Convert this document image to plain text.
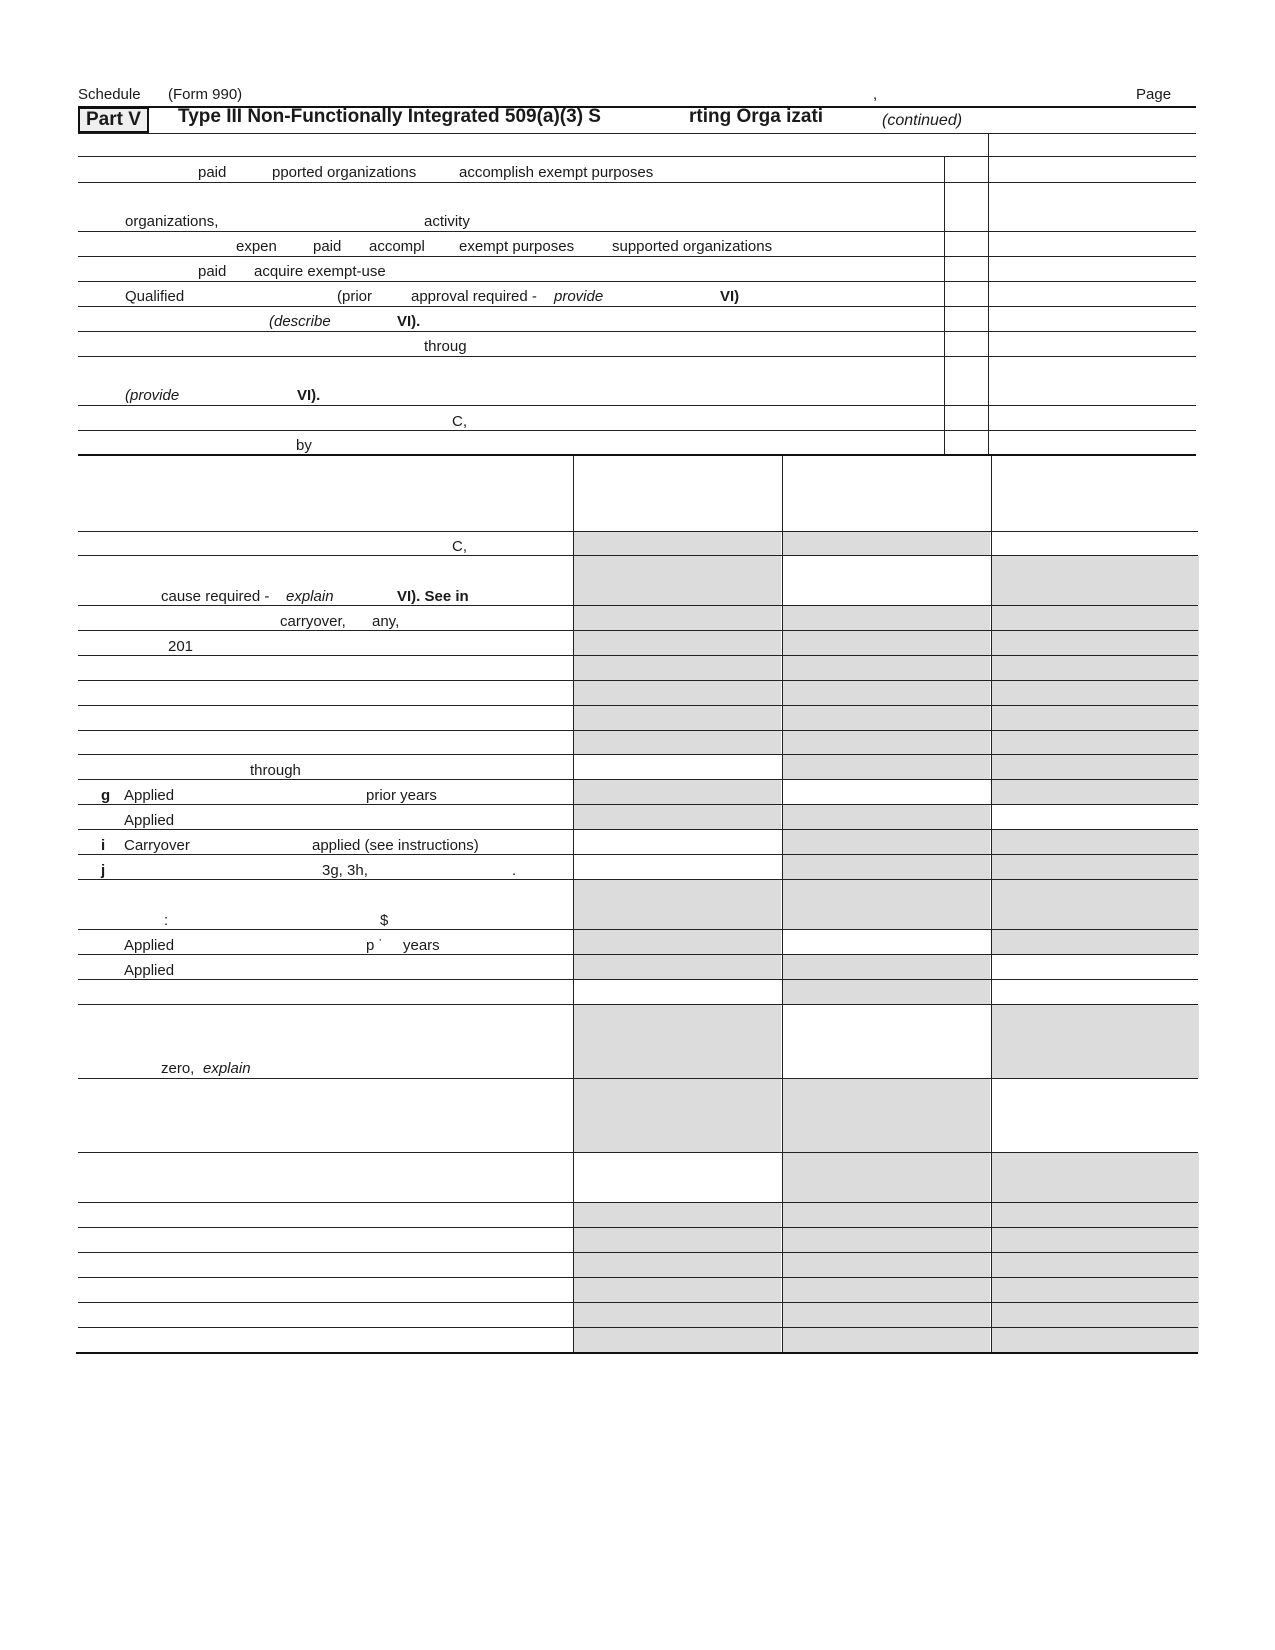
Schedule (Form 990)	,	Page
Part V	Type III Non-Functionally Integrated 509(a)(3) S	rting Orga izati	(continued)
paid	pported organizations	accomplish exempt purposes
organizations,	activity
expen paid accompl exempt purposes	supported organizations
paid acquire exempt-use
Qualified	(prior	approval required - provide	VI)
(describe	VI).
throug
(provide	VI).
C,
by
C,
cause required - explain	VI). See in
carryover, any,
201
through
g Applied	prior years
Applied
i Carryover	applied (see instructions)
j	3g, 3h,	.
:	$
Applied	p ˙ years
Applied
zero, explain
